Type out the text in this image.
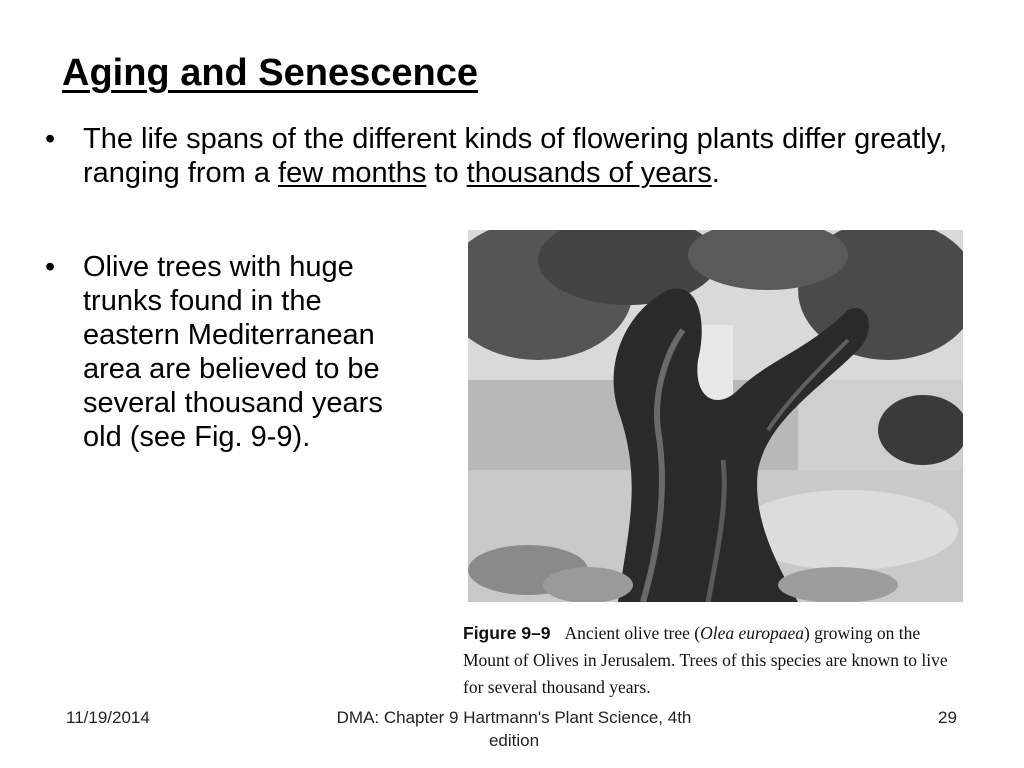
Aging and Senescence
• The life spans of the different kinds of flowering plants differ greatly, ranging from a few months to thousands of years.
• Olive trees with huge trunks found in the eastern Mediterranean area are believed to be several thousand years old (see Fig. 9-9).
Figure 9–9 Ancient olive tree (Olea europaea) growing on the Mount of Olives in Jerusalem. Trees of this species are known to live for several thousand years.
11/19/2014	DMA: Chapter 9 Hartmann's Plant Science, 4th edition
29
